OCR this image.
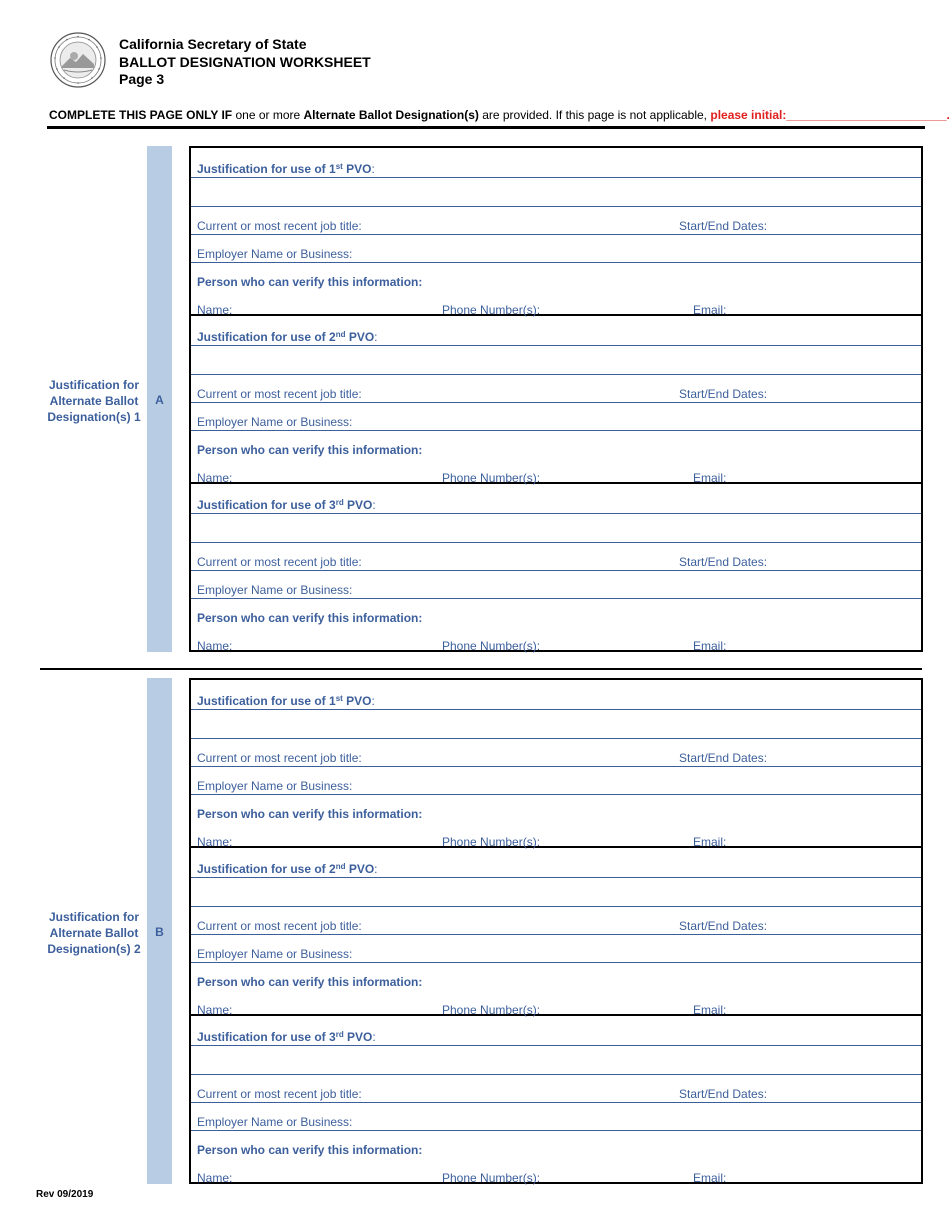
California Secretary of State
BALLOT DESIGNATION WORKSHEET
Page 3
COMPLETE THIS PAGE ONLY IF one or more Alternate Ballot Designation(s) are provided. If this page is not applicable, please initial:________________________.
Justification for Alternate Ballot Designation(s) 1
A
Justification for use of 1st PVO:
Current or most recent job title:	Start/End Dates:
Employer Name or Business:
Person who can verify this information:
Name:	Phone Number(s):	Email:
Justification for use of 2nd PVO:
Current or most recent job title:	Start/End Dates:
Employer Name or Business:
Person who can verify this information:
Name:	Phone Number(s):	Email:
Justification for use of 3rd PVO:
Current or most recent job title:	Start/End Dates:
Employer Name or Business:
Person who can verify this information:
Name:	Phone Number(s):	Email:
Justification for Alternate Ballot Designation(s) 2
B
Justification for use of 1st PVO:
Current or most recent job title:	Start/End Dates:
Employer Name or Business:
Person who can verify this information:
Name:	Phone Number(s):	Email:
Justification for use of 2nd PVO:
Current or most recent job title:	Start/End Dates:
Employer Name or Business:
Person who can verify this information:
Name:	Phone Number(s):	Email:
Justification for use of 3rd PVO:
Current or most recent job title:	Start/End Dates:
Employer Name or Business:
Person who can verify this information:
Name:	Phone Number(s):	Email:
Rev 09/2019
